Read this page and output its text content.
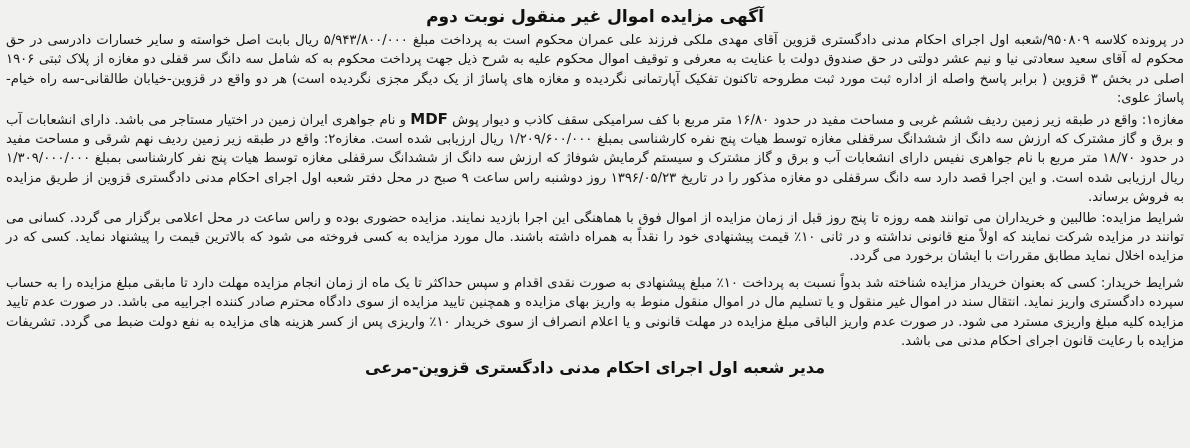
آگهی مزایده اموال غیر منقول نوبت دوم

در پرونده کلاسه ۹۵۰۸۰۹/شعبه اول اجرای احکام مدنی دادگستری قزوین آقای مهدی ملکی فرزند علی عمران محکوم است به پرداخت مبلغ ۵/۹۴۳/۸۰۰/۰۰۰ ریال بابت اصل خواسته و سایر خسارات دادرسی در حق محکوم له آقای سعید سعادتی نیا و نیم عشر دولتی در حق صندوق دولت با عنایت به معرفی و توقیف اموال محکوم علیه به شرح ذیل جهت پرداخت محکوم به که شامل سه دانگ سر قفلی دو مغازه از پلاک ثبتی ۱۹۰۶ اصلی در بخش ۳ قزوین ( برابر پاسخ واصله از اداره ثبت مورد ثبت مطروحه تاکنون تفکیک آپارتمانی نگردیده و مغازه های پاساژ از یک دیگر مجزی نگردیده است) هر دو واقع در قزوین-خیابان طالقانی-سه راه خیام-پاساژ علوی:

مغازه۱: واقع در طبقه زیر زمین ردیف ششم غربی و مساحت مفید در حدود ۱۶/۸۰ متر مربع با کف سرامیکی سقف کاذب و دیوار پوش MDF و نام جواهری ایران زمین در اختیار مستاجر می باشد. دارای انشعابات آب و برق و گاز مشترک که ارزش سه دانگ از ششدانگ سرقفلی مغازه توسط هیات پنج نفره کارشناسی بمبلغ ۱/۲۰۹/۶۰۰/۰۰۰ ریال ارزیابی شده است. مغازه۲: واقع در طبقه زیر زمین ردیف نهم شرقی و مساحت مفید در حدود ۱۸/۷۰ متر مربع با نام جواهری نفیس دارای انشعابات آب و برق و گاز مشترک و سیستم گرمایش شوفاژ که ارزش سه دانگ از ششدانگ سرقفلی مغازه توسط هیات پنج نفر کارشناسی بمبلغ ۱/۳۰۹/۰۰۰/۰۰۰ ریال ارزیابی شده است. و این اجرا قصد دارد سه دانگ سرقفلی دو مغازه مذکور را در تاریخ ۱۳۹۶/۰۵/۲۳ روز دوشنبه راس ساعت ۹ صبح در محل دفتر شعبه اول اجرای احکام مدنی دادگستری قزوین از طریق مزایده به فروش برساند.

شرایط مزایده: طالبین و خریداران می توانند همه روزه تا پنج روز قبل از زمان مزایده از اموال فوق با هماهنگی این اجرا بازدید نمایند. مزایده حضوری بوده و راس ساعت در محل اعلامی برگزار می گردد. کسانی می توانند در مزایده شرکت نمایند که اولاً منع قانونی نداشته و در ثانی ۱۰٪ قیمت پیشنهادی خود را نقداً به همراه داشته باشند. مال مورد مزایده به کسی فروخته می شود که بالاترین قیمت را پیشنهاد نماید. کسی که در مزایده اخلال نماید مطابق مقررات با ایشان برخورد می گردد.

شرایط خریدار: کسی که بعنوان خریدار مزایده شناخته شد بدواً نسبت به پرداخت ۱۰٪ مبلغ پیشنهادی به صورت نقدی اقدام و سپس حداکثر تا یک ماه از زمان انجام مزایده مهلت دارد تا مابقی مبلغ مزایده را به حساب سپرده دادگستری واریز نماید. انتقال سند در اموال غیر منقول و یا تسلیم مال در اموال منقول منوط به واریز بهای مزایده و همچنین تایید مزایده از سوی دادگاه محترم صادر کننده اجراییه می باشد. در صورت عدم تایید مزایده کلیه مبلغ واریزی مسترد می شود. در صورت عدم واریز الباقی مبلغ مزایده در مهلت قانونی و یا اعلام انصراف از سوی خریدار ۱۰٪ واریزی پس از کسر هزینه های مزایده به نفع دولت ضبط می گردد. تشریفات مزایده با رعایت قانون اجرای احکام مدنی می باشد.

مدیر شعبه اول اجرای احکام مدنی دادگستری قزوین-مرعی
